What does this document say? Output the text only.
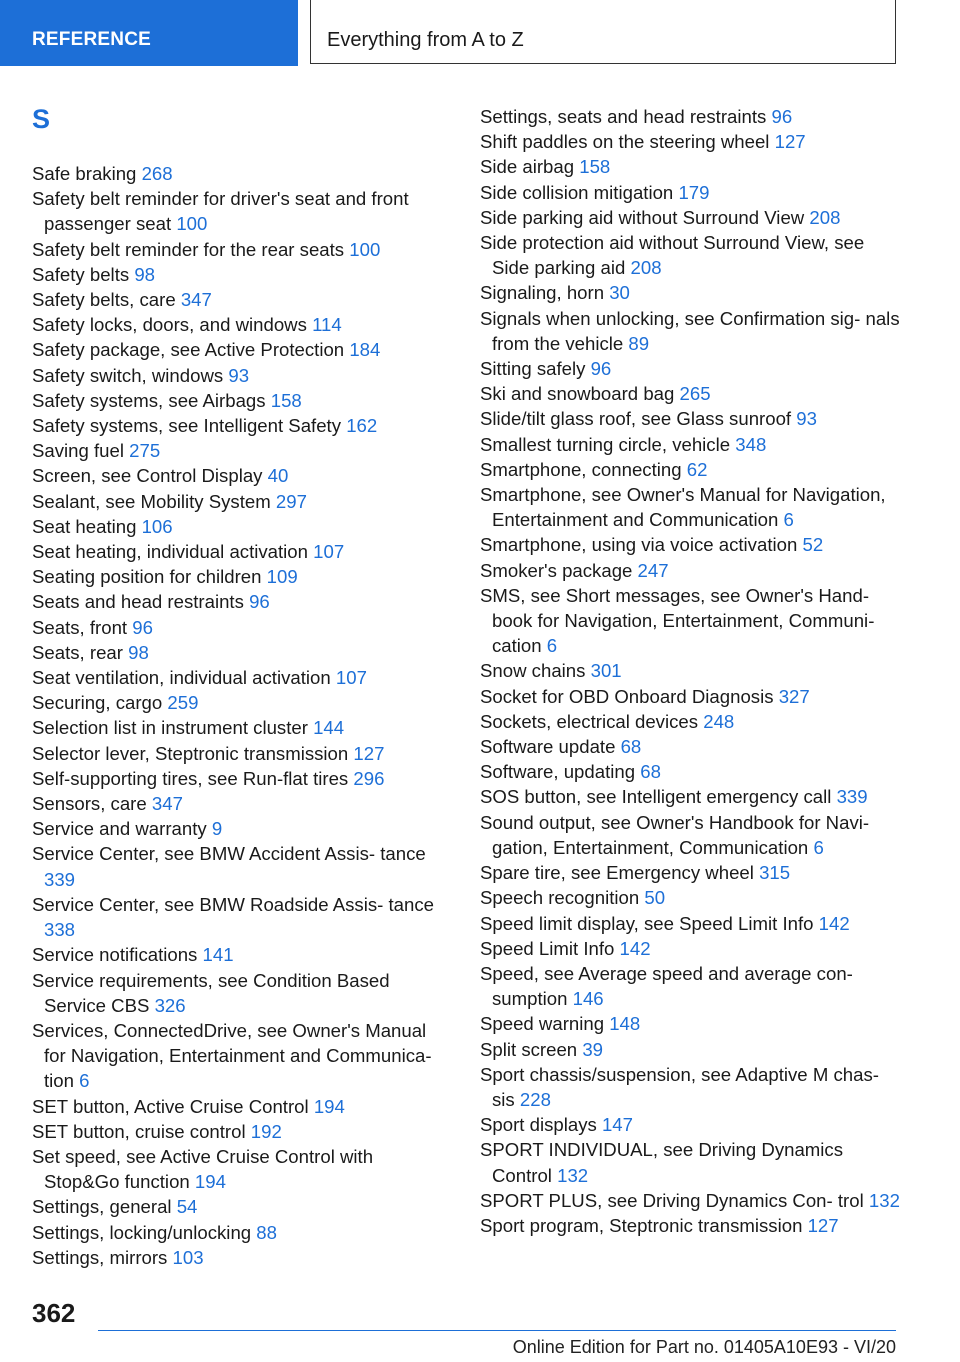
REFERENCE	Everything from A to Z
S
Safe braking 268
Safety belt reminder for driver's seat and front passenger seat 100
Safety belt reminder for the rear seats 100
Safety belts 98
Safety belts, care 347
Safety locks, doors, and windows 114
Safety package, see Active Protection 184
Safety switch, windows 93
Safety systems, see Airbags 158
Safety systems, see Intelligent Safety 162
Saving fuel 275
Screen, see Control Display 40
Sealant, see Mobility System 297
Seat heating 106
Seat heating, individual activation 107
Seating position for children 109
Seats and head restraints 96
Seats, front 96
Seats, rear 98
Seat ventilation, individual activation 107
Securing, cargo 259
Selection list in instrument cluster 144
Selector lever, Steptronic transmission 127
Self-supporting tires, see Run-flat tires 296
Sensors, care 347
Service and warranty 9
Service Center, see BMW Accident Assis‐ tance 339
Service Center, see BMW Roadside Assis‐ tance 338
Service notifications 141
Service requirements, see Condition Based Service CBS 326
Services, ConnectedDrive, see Owner's Manual for Navigation, Entertainment and Communica‐ tion 6
SET button, Active Cruise Control 194
SET button, cruise control 192
Set speed, see Active Cruise Control with Stop&Go function 194
Settings, general 54
Settings, locking/unlocking 88
Settings, mirrors 103
Settings, seats and head restraints 96
Shift paddles on the steering wheel 127
Side airbag 158
Side collision mitigation 179
Side parking aid without Surround View 208
Side protection aid without Surround View, see Side parking aid 208
Signaling, horn 30
Signals when unlocking, see Confirmation sig‐ nals from the vehicle 89
Sitting safely 96
Ski and snowboard bag 265
Slide/tilt glass roof, see Glass sunroof 93
Smallest turning circle, vehicle 348
Smartphone, connecting 62
Smartphone, see Owner's Manual for Navigation, Entertainment and Communication 6
Smartphone, using via voice activation 52
Smoker's package 247
SMS, see Short messages, see Owner's Hand‐ book for Navigation, Entertainment, Communi‐ cation 6
Snow chains 301
Socket for OBD Onboard Diagnosis 327
Sockets, electrical devices 248
Software update 68
Software, updating 68
SOS button, see Intelligent emergency call 339
Sound output, see Owner's Handbook for Navi‐ gation, Entertainment, Communication 6
Spare tire, see Emergency wheel 315
Speech recognition 50
Speed limit display, see Speed Limit Info 142
Speed Limit Info 142
Speed, see Average speed and average con‐ sumption 146
Speed warning 148
Split screen 39
Sport chassis/suspension, see Adaptive M chas‐ sis 228
Sport displays 147
SPORT INDIVIDUAL, see Driving Dynamics Control 132
SPORT PLUS, see Driving Dynamics Con‐ trol 132
Sport program, Steptronic transmission 127
362
Online Edition for Part no. 01405A10E93 - VI/20
